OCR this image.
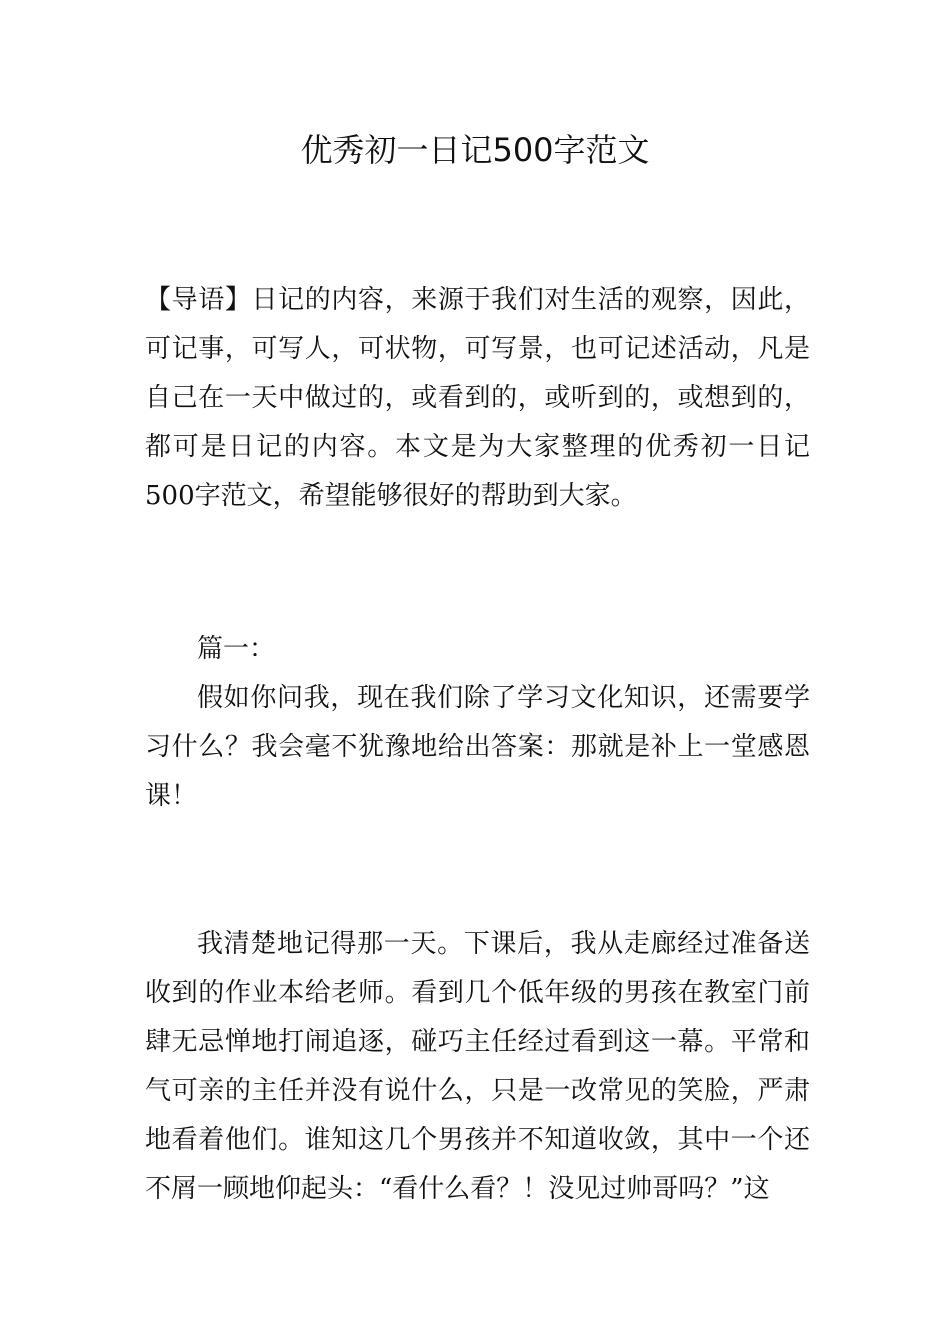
优秀初一日记500字范文

【导语】日记的内容，来源于我们对生活的观察，因此，可记事，可写人，可状物，可写景，也可记述活动，凡是自己在一天中做过的，或看到的，或听到的，或想到的，都可是日记的内容。本文是为大家整理的优秀初一日记500字范文，希望能够很好的帮助到大家。

篇一：

假如你问我，现在我们除了学习文化知识，还需要学习什么？我会毫不犹豫地给出答案：那就是补上一堂感恩课！

我清楚地记得那一天。下课后，我从走廊经过准备送收到的作业本给老师。看到几个低年级的男孩在教室门前肆无忌惮地打闹追逐，碰巧主任经过看到这一幕。平常和气可亲的主任并没有说什么，只是一改常见的笑脸，严肃地看着他们。谁知这几个男孩并不知道收敛，其中一个还不屑一顾地仰起头：“看什么看？！没见过帅哥吗？”这
